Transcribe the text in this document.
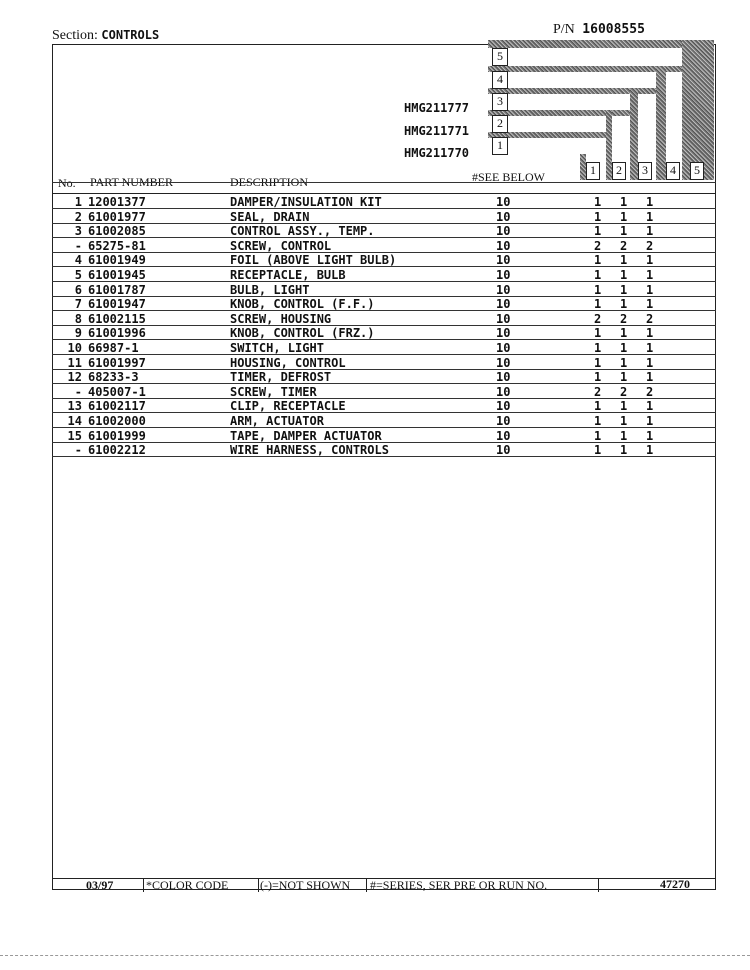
Section: CONTROLS	P/N 16008555
5
4
3
2
1
HMG211777
HMG211771
HMG211770
1	2	3	4	5
No. PART NUMBER	DESCRIPTION	#SEE BELOW
1 12001377	DAMPER/INSULATION KIT	10	1 1 1
2 61001977	SEAL, DRAIN	10	1 1 1
3 61002085	CONTROL ASSY., TEMP.	10	1 1 1
- 65275-81	SCREW, CONTROL	10	2 2 2
4 61001949	FOIL (ABOVE LIGHT BULB)	10	1 1 1
5 61001945	RECEPTACLE, BULB	10	1 1 1
6 61001787	BULB, LIGHT	10	1 1 1
7 61001947	KNOB, CONTROL (F.F.)	10	1 1 1
8 61002115	SCREW, HOUSING	10	2 2 2
9 61001996	KNOB, CONTROL (FRZ.)	10	1 1 1
10 66987-1	SWITCH, LIGHT	10	1 1 1
11 61001997	HOUSING, CONTROL	10	1 1 1
12 68233-3	TIMER, DEFROST	10	1 1 1
- 405007-1	SCREW, TIMER	10	2 2 2
13 61002117	CLIP, RECEPTACLE	10	1 1 1
14 61002000	ARM, ACTUATOR	10	1 1 1
15 61001999	TAPE, DAMPER ACTUATOR	10	1 1 1
- 61002212	WIRE HARNESS, CONTROLS	10	1 1 1
03/97	*COLOR CODE	(-)=NOT SHOWN #=SERIES, SER PRE OR RUN NO.	47270
